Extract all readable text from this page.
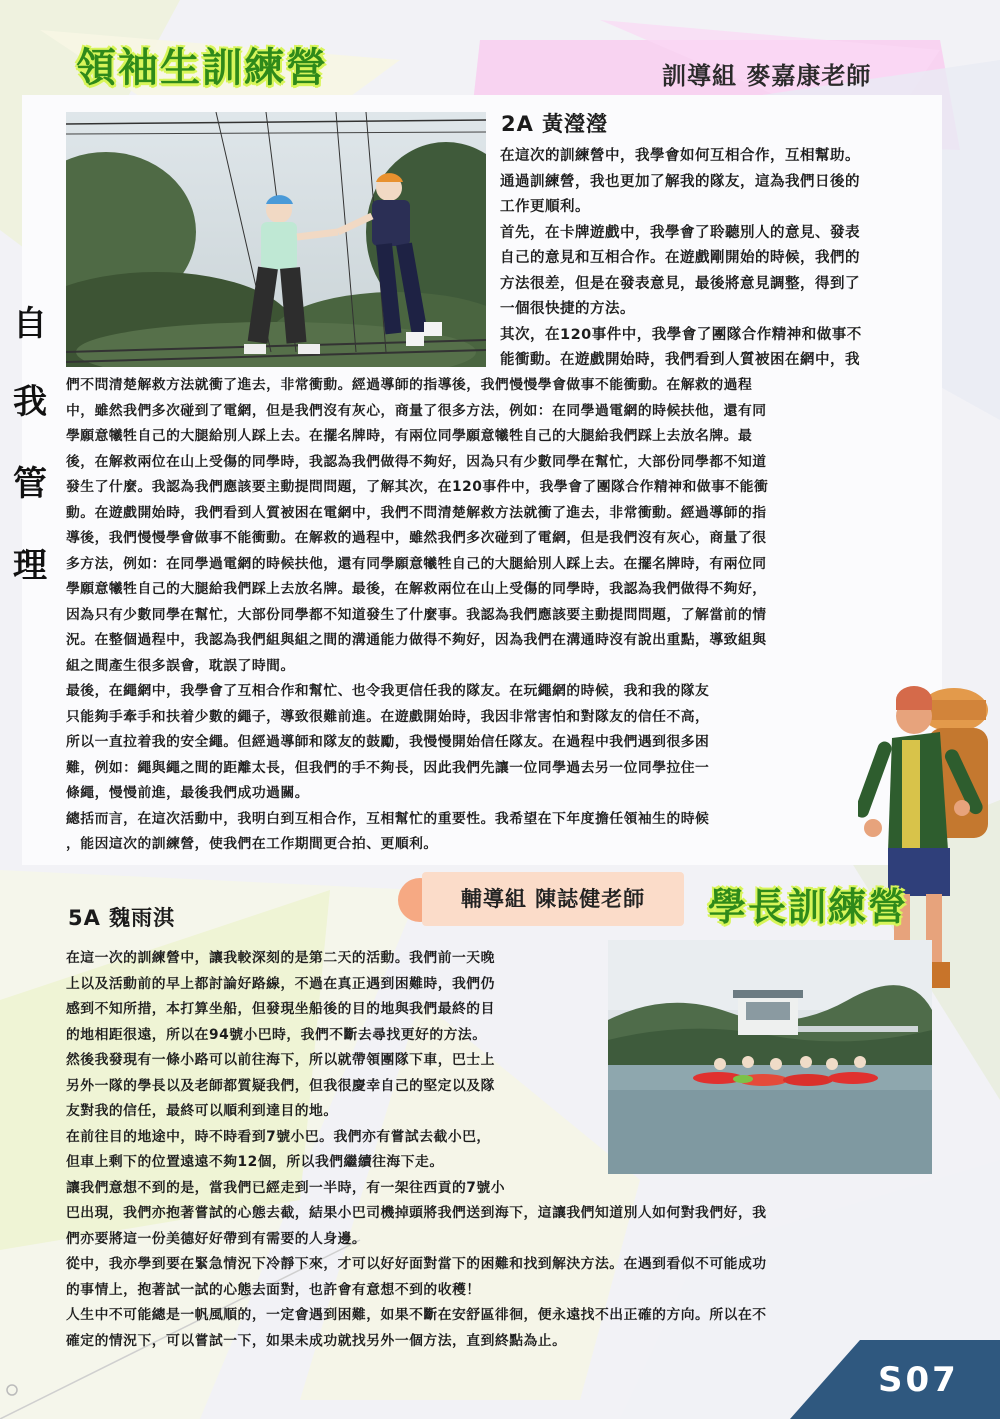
領袖生訓練營	訓導組 麥嘉康老師
自
我
管
理
2A 黃瀅瀅

在這次的訓練營中，我學會如何互相合作，互相幫助。

通過訓練營，我也更加了解我的隊友，這為我們日後的

工作更順利。

首先，在卡牌遊戲中，我學會了聆聽別人的意見、發表

自己的意見和互相合作。在遊戲剛開始的時候，我們的

方法很差，但是在發表意見，最後將意見調整，得到了

一個很快捷的方法。

其次，在120事件中，我學會了團隊合作精神和做事不

能衝動。在遊戲開始時，我們看到人質被困在網中，我

們不問清楚解救方法就衝了進去，非常衝動。經過導師的指導後，我們慢慢學會做事不能衝動。在解救的過程

中，雖然我們多次碰到了電網，但是我們沒有灰心，商量了很多方法，例如：在同學過電網的時候扶他，還有同

學願意犧牲自己的大腿給別人踩上去。在擺名牌時，有兩位同學願意犧牲自己的大腿給我們踩上去放名牌。最

後，在解救兩位在山上受傷的同學時，我認為我們做得不夠好，因為只有少數同學在幫忙，大部份同學都不知道

發生了什麼。我認為我們應該要主動提問問題，了解其次，在120事件中，我學會了團隊合作精神和做事不能衝

動。在遊戲開始時，我們看到人質被困在電網中，我們不問清楚解救方法就衝了進去，非常衝動。經過導師的指

導後，我們慢慢學會做事不能衝動。在解救的過程中，雖然我們多次碰到了電網，但是我們沒有灰心，商量了很

多方法，例如：在同學過電網的時候扶他，還有同學願意犧牲自己的大腿給別人踩上去。在擺名牌時，有兩位同

學願意犧牲自己的大腿給我們踩上去放名牌。最後，在解救兩位在山上受傷的同學時，我認為我們做得不夠好，

因為只有少數同學在幫忙，大部份同學都不知道發生了什麼事。我認為我們應該要主動提問問題，了解當前的情

況。在整個過程中，我認為我們組與組之間的溝通能力做得不夠好，因為我們在溝通時沒有說出重點，導致組與

組之間產生很多誤會，耽誤了時間。

最後，在繩網中，我學會了互相合作和幫忙、也令我更信任我的隊友。在玩繩網的時候，我和我的隊友

只能夠手牽手和扶着少數的繩子，導致很難前進。在遊戲開始時，我因非常害怕和對隊友的信任不高，

所以一直拉着我的安全繩。但經過導師和隊友的鼓勵，我慢慢開始信任隊友。在過程中我們遇到很多困

難，例如：繩與繩之間的距離太長，但我們的手不夠長，因此我們先讓一位同學過去另一位同學拉住一

條繩，慢慢前進，最後我們成功過關。

總括而言，在這次活動中，我明白到互相合作，互相幫忙的重要性。我希望在下年度擔任領袖生的時候

，能因這次的訓練營，使我們在工作期間更合拍、更順利。

輔導組 陳誌健老師	學長訓練營
5A 魏雨淇

在這一次的訓練營中，讓我較深刻的是第二天的活動。我們前一天晚

上以及活動前的早上都討論好路線，不過在真正遇到困難時，我們仍

感到不知所措，本打算坐船，但發現坐船後的目的地與我們最終的目

的地相距很遠，所以在94號小巴時，我們不斷去尋找更好的方法。

然後我發現有一條小路可以前往海下，所以就帶領團隊下車，巴士上

另外一隊的學長以及老師都質疑我們，但我很慶幸自己的堅定以及隊

友對我的信任，最終可以順利到達目的地。

在前往目的地途中，時不時看到7號小巴。我們亦有嘗試去截小巴，

但車上剩下的位置遠遠不夠12個，所以我們繼續往海下走。

讓我們意想不到的是，當我們已經走到一半時，有一架往西貢的7號小

巴出現，我們亦抱著嘗試的心態去截，結果小巴司機掉頭將我們送到海下，這讓我們知道別人如何對我們好，我

們亦要將這一份美德好好帶到有需要的人身邊。

從中，我亦學到要在緊急情況下冷靜下來，才可以好好面對當下的困難和找到解決方法。在遇到看似不可能成功

的事情上，抱著試一試的心態去面對，也許會有意想不到的收穫！

人生中不可能總是一帆風順的，一定會遇到困難，如果不斷在安舒區徘徊，便永遠找不出正確的方向。所以在不

確定的情況下，可以嘗試一下，如果未成功就找另外一個方法，直到終點為止。

S07
